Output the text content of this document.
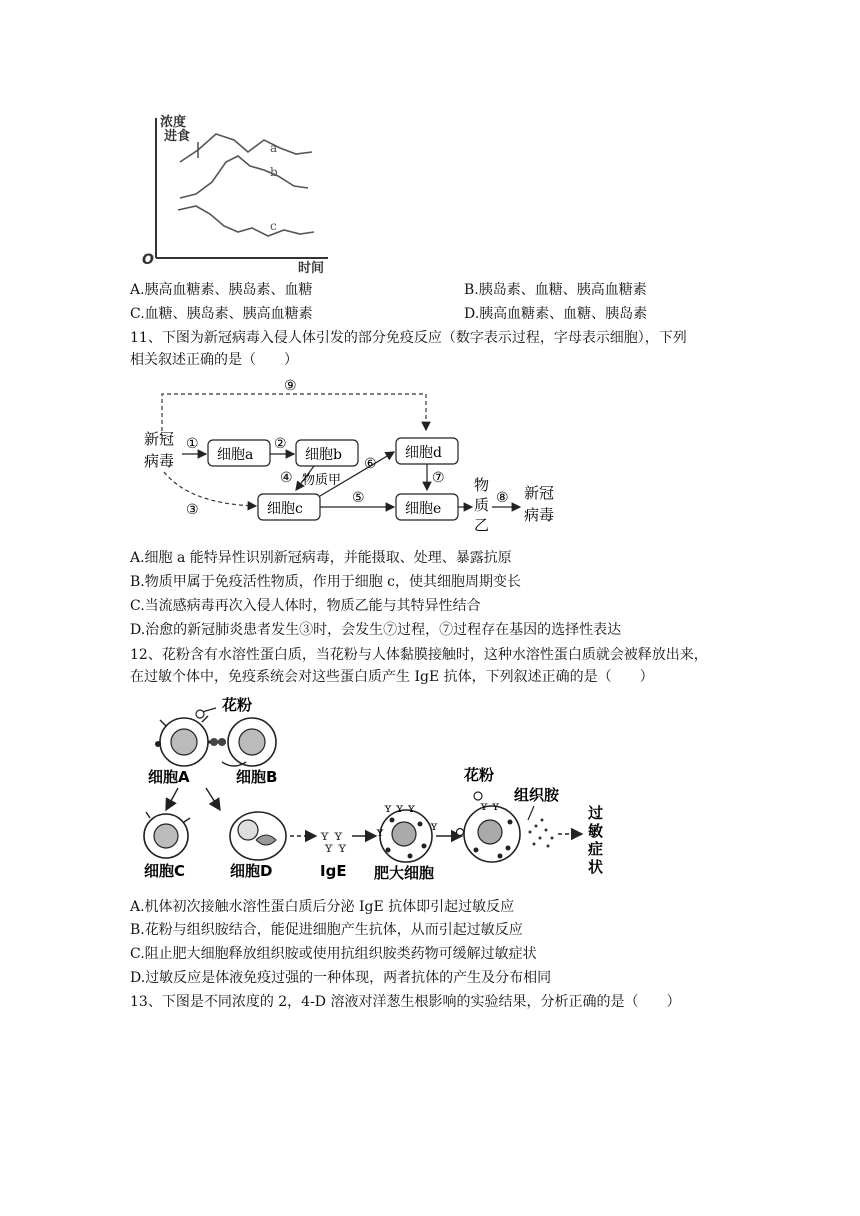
浓度
进食
a
b
c
O
时间
A.胰高血糖素、胰岛素、血糖	B.胰岛素、血糖、胰高血糖素
C.血糖、胰岛素、胰高血糖素	D.胰高血糖素、血糖、胰岛素
11、下图为新冠病毒入侵人体引发的部分免疫反应（数字表示过程，字母表示细胞），下列
相关叙述正确的是（　　）
⑨
新冠
病毒
①
细胞a
②
细胞b
④ 物质甲
③	细胞c
⑥
⑤
细胞d
⑦
细胞e
物
质
乙
⑧ 新冠
病毒
A.细胞 a 能特异性识别新冠病毒，并能摄取、处理、暴露抗原
B.物质甲属于免疫活性物质，作用于细胞 c，使其细胞周期变长
C.当流感病毒再次入侵人体时，物质乙能与其特异性结合
D.治愈的新冠肺炎患者发生③时，会发生⑦过程，⑦过程存在基因的选择性表达
12、花粉含有水溶性蛋白质，当花粉与人体黏膜接触时，这种水溶性蛋白质就会被释放出来，
在过敏个体中，免疫系统会对这些蛋白质产生 IgE 抗体，下列叙述正确的是（　　）
花粉
细胞A	细胞B
细胞C	细胞D
ʏ ʏ
ʏ ʏ
IgE
ʏ ʏ ʏ
ʏ
ʏ
肥大细胞
花粉
ʏ ʏ
组织胺
过
敏
症
状
A.机体初次接触水溶性蛋白质后分泌 IgE 抗体即引起过敏反应
B.花粉与组织胺结合，能促进细胞产生抗体，从而引起过敏反应
C.阻止肥大细胞释放组织胺或使用抗组织胺类药物可缓解过敏症状
D.过敏反应是体液免疫过强的一种体现，两者抗体的产生及分布相同
13、下图是不同浓度的 2，4-D 溶液对洋葱生根影响的实验结果，分析正确的是（　　）
